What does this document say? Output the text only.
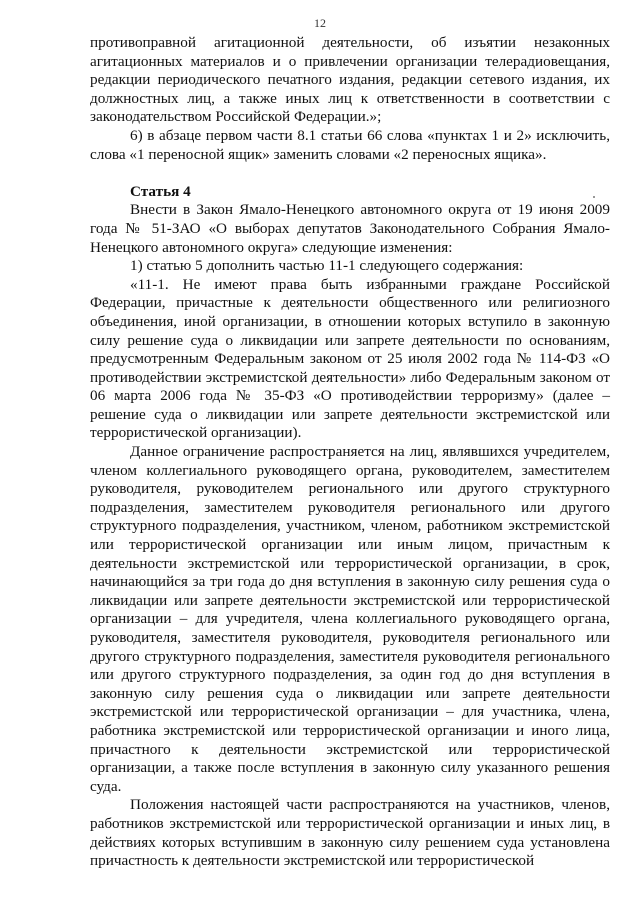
12

противоправной агитационной деятельности, об изъятии незаконных агитационных материалов и о привлечении организации телерадиовещания, редакции периодического печатного издания, редакции сетевого издания, их должностных лиц, а также иных лиц к ответственности в соответствии с законодательством Российской Федерации.»;

6) в абзаце первом части 8.1 статьи 66 слова «пунктах 1 и 2» исключить, слова «1 переносной ящик» заменить словами «2 переносных ящика».

Статья 4

Внести в Закон Ямало-Ненецкого автономного округа от 19 июня 2009 года № 51-ЗАО «О выборах депутатов Законодательного Собрания Ямало-Ненецкого автономного округа» следующие изменения:

1) статью 5 дополнить частью 11-1 следующего содержания:

«11-1. Не имеют права быть избранными граждане Российской Федерации, причастные к деятельности общественного или религиозного объединения, иной организации, в отношении которых вступило в законную силу решение суда о ликвидации или запрете деятельности по основаниям, предусмотренным Федеральным законом от 25 июля 2002 года № 114-ФЗ «О противодействии экстремистской деятельности» либо Федеральным законом от 06 марта 2006 года № 35-ФЗ «О противодействии терроризму» (далее – решение суда о ликвидации или запрете деятельности экстремистской или террористической организации).

Данное ограничение распространяется на лиц, являвшихся учредителем, членом коллегиального руководящего органа, руководителем, заместителем руководителя, руководителем регионального или другого структурного подразделения, заместителем руководителя регионального или другого структурного подразделения, участником, членом, работником экстремистской или террористической организации или иным лицом, причастным к деятельности экстремистской или террористической организации, в срок, начинающийся за три года до дня вступления в законную силу решения суда о ликвидации или запрете деятельности экстремистской или террористической организации – для учредителя, члена коллегиального руководящего органа, руководителя, заместителя руководителя, руководителя регионального или другого структурного подразделения, заместителя руководителя регионального или другого структурного подразделения, за один год до дня вступления в законную силу решения суда о ликвидации или запрете деятельности экстремистской или террористической организации – для участника, члена, работника экстремистской или террористической организации и иного лица, причастного к деятельности экстремистской или террористической организации, а также после вступления в законную силу указанного решения суда.

Положения настоящей части распространяются на участников, членов, работников экстремистской или террористической организации и иных лиц, в действиях которых вступившим в законную силу решением суда установлена причастность к деятельности экстремистской или террористической
